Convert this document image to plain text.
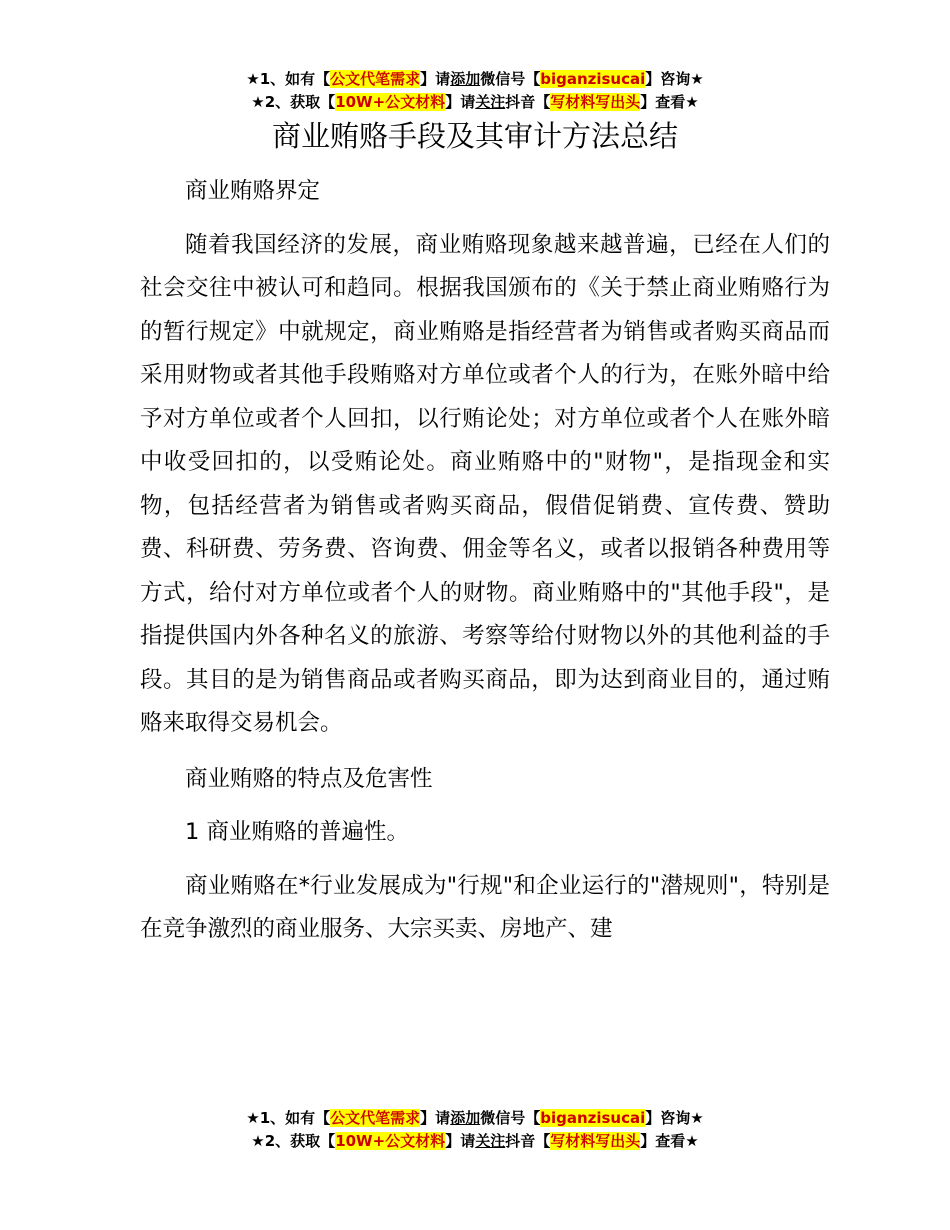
★1、如有【公文代笔需求】请添加微信号【biganzisucai】咨询★
★2、获取【10W+公文材料】请关注抖音【写材料写出头】查看★
商业贿赂手段及其审计方法总结

商业贿赂界定

随着我国经济的发展，商业贿赂现象越来越普遍，已经在人们的社会交往中被认可和趋同。根据我国颁布的《关于禁止商业贿赂行为的暂行规定》中就规定，商业贿赂是指经营者为销售或者购买商品而采用财物或者其他手段贿赂对方单位或者个人的行为，在账外暗中给予对方单位或者个人回扣，以行贿论处；对方单位或者个人在账外暗中收受回扣的，以受贿论处。商业贿赂中的"财物"，是指现金和实物，包括经营者为销售或者购买商品，假借促销费、宣传费、赞助费、科研费、劳务费、咨询费、佣金等名义，或者以报销各种费用等方式，给付对方单位或者个人的财物。商业贿赂中的"其他手段"，是指提供国内外各种名义的旅游、考察等给付财物以外的其他利益的手段。其目的是为销售商品或者购买商品，即为达到商业目的，通过贿赂来取得交易机会。

商业贿赂的特点及危害性

1 商业贿赂的普遍性。

商业贿赂在*行业发展成为"行规"和企业运行的"潜规则"，特别是在竞争激烈的商业服务、大宗买卖、房地产、建

★1、如有【公文代笔需求】请添加微信号【biganzisucai】咨询★
★2、获取【10W+公文材料】请关注抖音【写材料写出头】查看★
